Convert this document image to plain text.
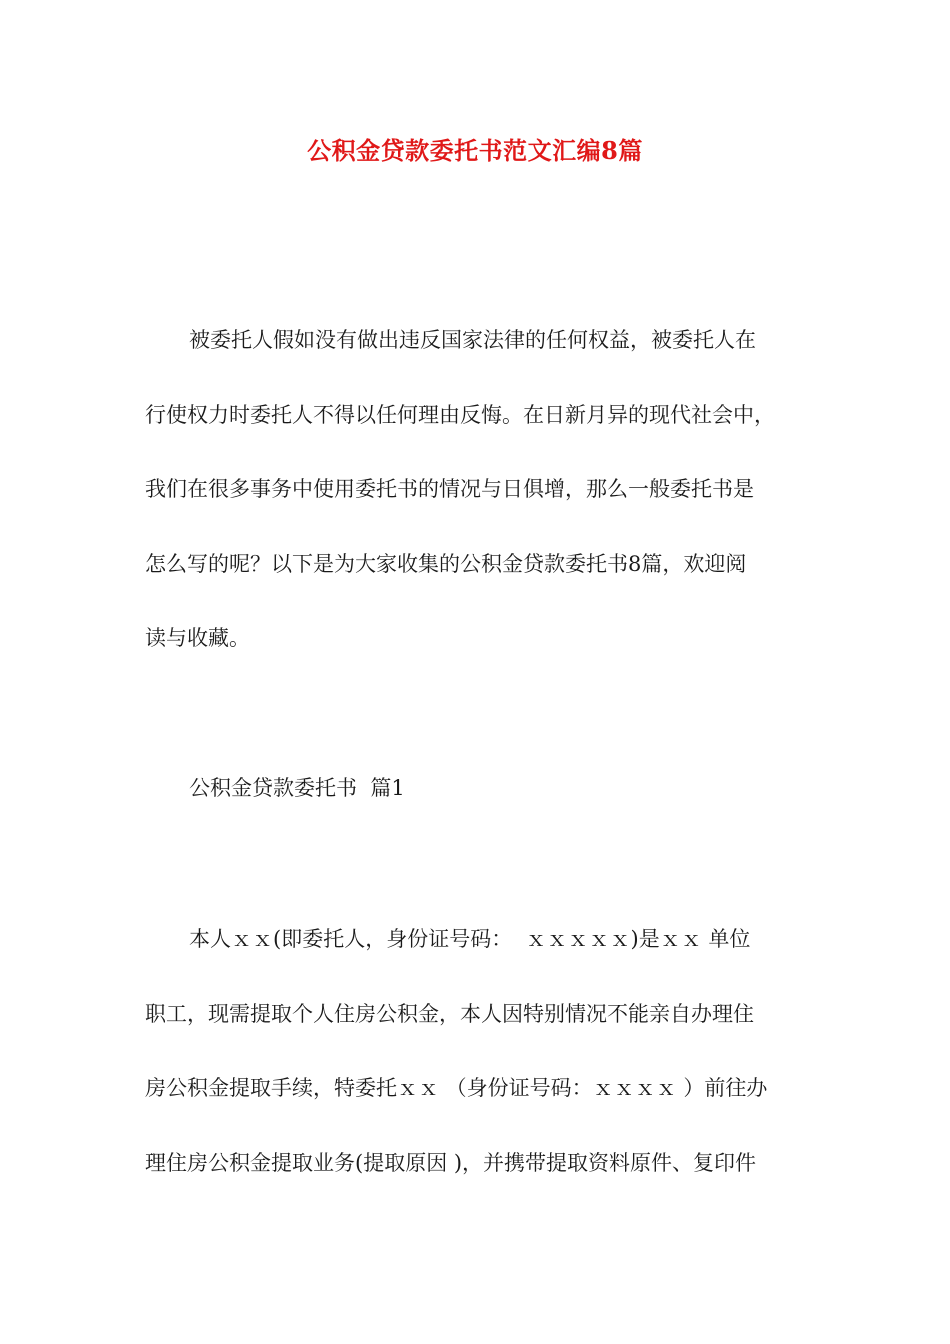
公积金贷款委托书范文汇编8篇
被委托人假如没有做出违反国家法律的任何权益，被委托人在
行使权力时委托人不得以任何理由反悔。在日新月异的现代社会中，
我们在很多事务中使用委托书的情况与日俱增，那么一般委托书是
怎么写的呢？以下是为大家收集的公积金贷款委托书8篇，欢迎阅
读与收藏。
公积金贷款委托书  篇1
本人ｘｘ(即委托人，身份证号码：  ｘｘｘｘｘ)是ｘｘ 单位
职工，现需提取个人住房公积金，本人因特别情况不能亲自办理住
房公积金提取手续，特委托ｘｘ （身份证号码：ｘｘｘｘ ）前往办
理住房公积金提取业务(提取原因 )，并携带提取资料原件、复印件
